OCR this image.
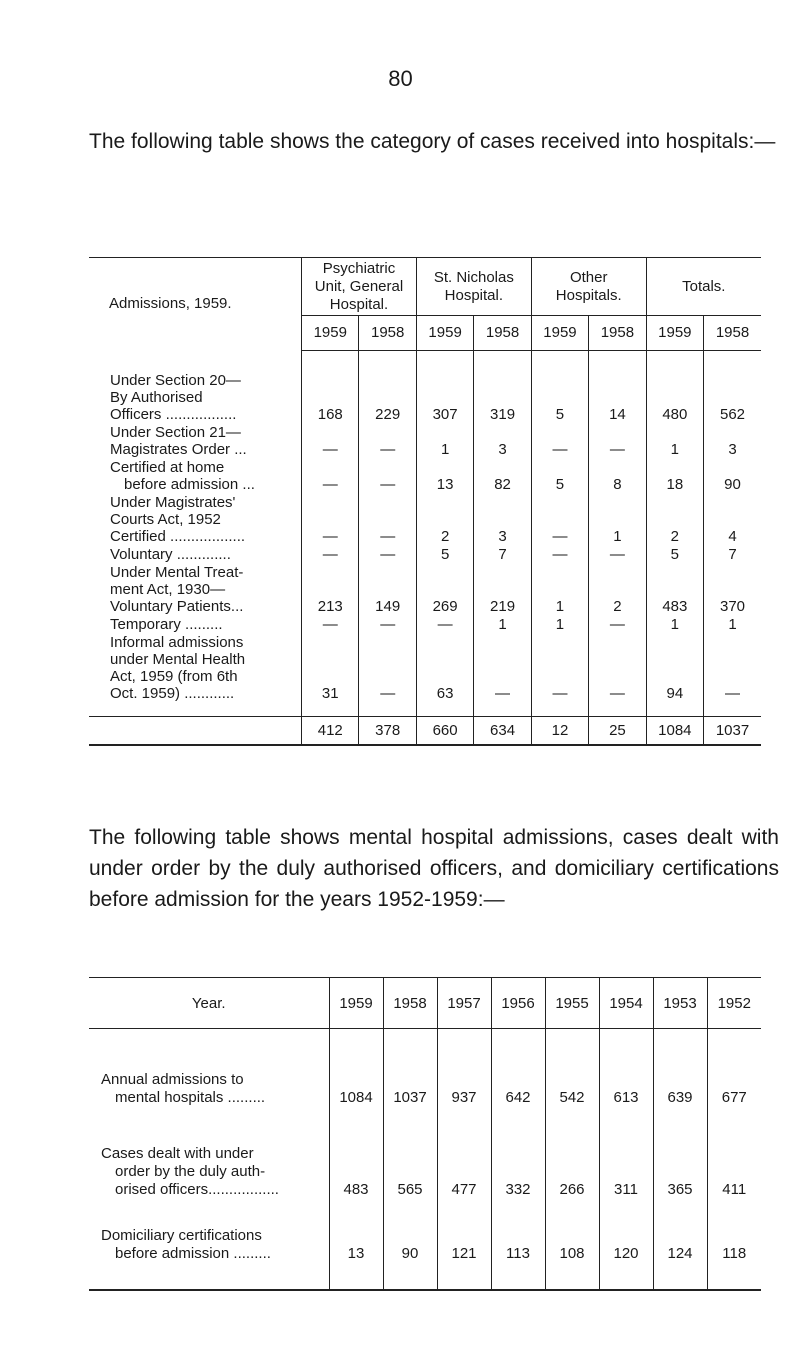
80

The following table shows the category of cases received into hospitals:—

Admissions, 1959.	Psychiatric
Unit, General
Hospital.		St. Nicholas
Hospital.		Other
Hospitals.		Totals.	

	1959	1958	1959	1958	1959	1958	1959	1958

Under Section 20—
By Authorised
Officers .................	168	229	307	319	5	14	480	562

Under Section 21—
Magistrates Order ...	—	—	1	3	—	—	1	3

Certified at home
before admission ...	—	—	13	82	5	8	18	90

Under Magistrates'
Courts Act, 1952
Certified ..................	—	—	2	3	—	1	2	4

Voluntary .............	—	—	5	7	—	—	5	7

Under Mental Treat-
ment Act, 1930—
Voluntary Patients...	213	149	269	219	1	2	483	370

Temporary .........	—	—	—	1	1	—	1	1

Informal admissions
under Mental Health
Act, 1959 (from 6th
Oct. 1959) ............	31	—	63	—	—	—	94	—

	412	378	660	634	12	25	1084	1037

The following table shows mental hospital admissions, cases dealt with under order by the duly authorised officers, and domiciliary certifications before admission for the years 1952-1959:—

Year.	1959	1958	1957	1956	1955	1954	1953	1952

Annual admissions to
mental hospitals .........	1084	1037	937	642	542	613	639	677

Cases dealt with under
order by the duly auth-
orised officers.................	483	565	477	332	266	311	365	411

Domiciliary certifications
before admission .........	13	90	121	113	108	120	124	118
